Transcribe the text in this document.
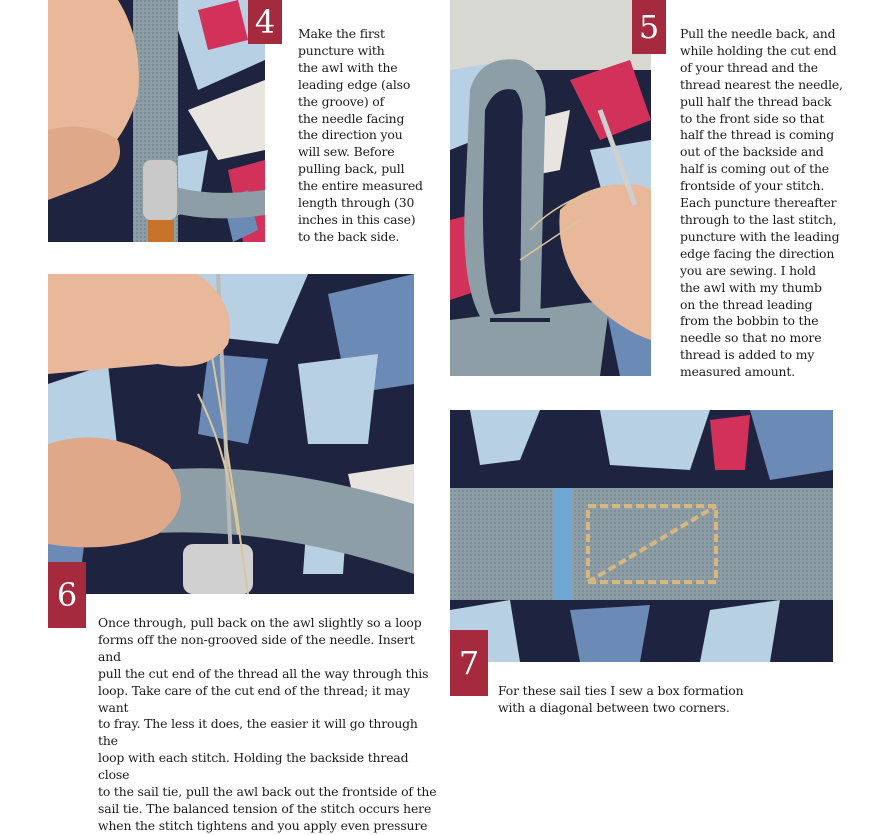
4	Make the first
puncture with
the awl with the
leading edge (also
the groove) of
the needle facing
the direction you
will sew. Before
pulling back, pull
the entire measured
length through (30
inches in this case)
to the back side.
5	Pull the needle back, and
while holding the cut end
of your thread and the
thread nearest the needle,
pull half the thread back
to the front side so that
half the thread is coming
out of the backside and
half is coming out of the
frontside of your stitch.
Each puncture thereafter
through to the last stitch,
puncture with the leading
edge facing the direction
you are sewing. I hold
the awl with my thumb
on the thread leading
from the bobbin to the
needle so that no more
thread is added to my
measured amount.
6
Once through, pull back on the awl slightly so a loop
forms off the non-grooved side of the needle. Insert and
pull the cut end of the thread all the way through this
loop. Take care of the cut end of the thread; it may want
to fray. The less it does, the easier it will go through the
loop with each stitch. Holding the backside thread close
to the sail tie, pull the awl back out the frontside of the
sail tie. The balanced tension of the stitch occurs here
when the stitch tightens and you apply even pressure
7
For these sail ties I sew a box formation
with a diagonal between two corners.
